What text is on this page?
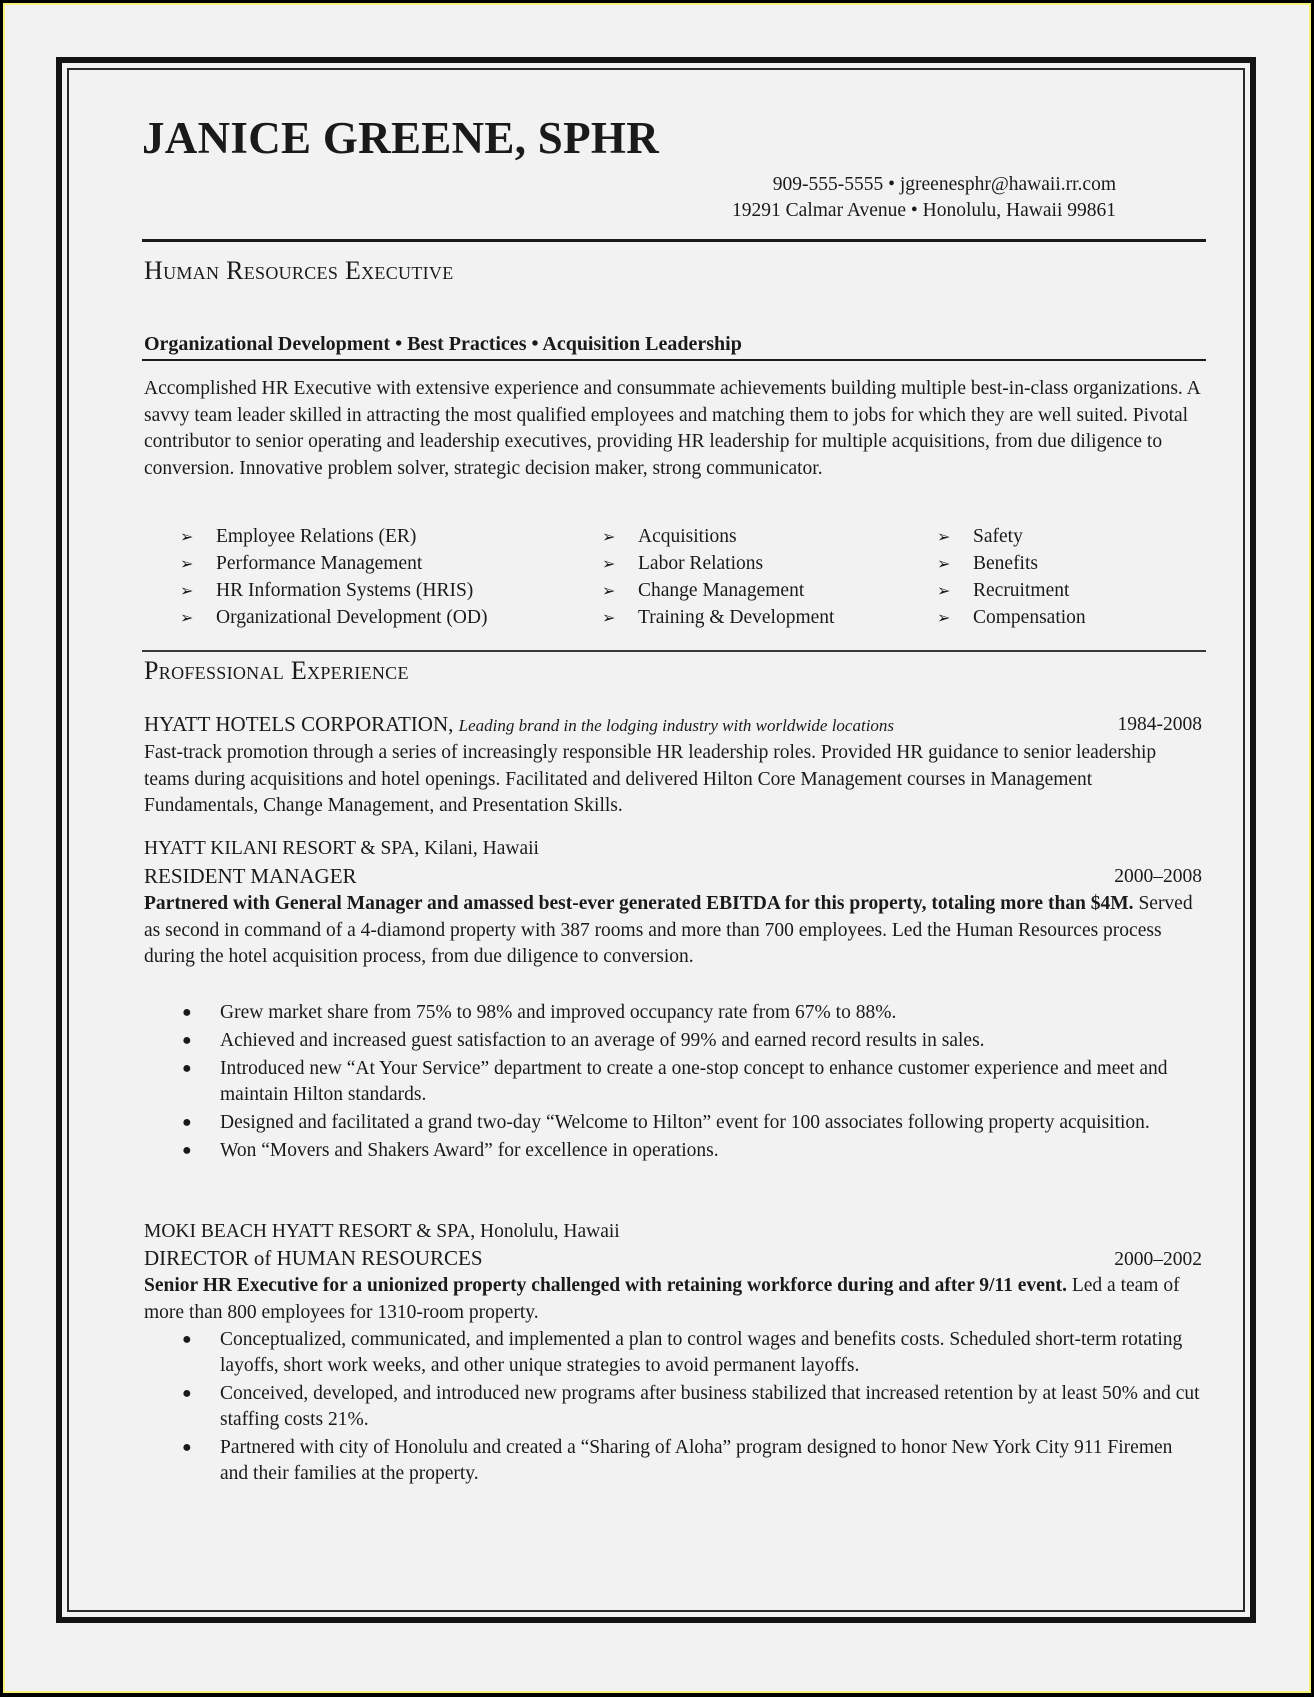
JANICE GREENE, SPHR
909-555-5555 • jgreenesphr@hawaii.rr.com
19291 Calmar Avenue • Honolulu, Hawaii 99861
Human Resources Executive
Organizational Development • Best Practices • Acquisition Leadership
Accomplished HR Executive with extensive experience and consummate achievements building multiple best-in-class organizations. A savvy team leader skilled in attracting the most qualified employees and matching them to jobs for which they are well suited. Pivotal contributor to senior operating and leadership executives, providing HR leadership for multiple acquisitions, from due diligence to conversion. Innovative problem solver, strategic decision maker, strong communicator.
➢ Employee Relations (ER)
➢ Performance Management
➢ HR Information Systems (HRIS)
➢ Organizational Development (OD)
➢ Acquisitions
➢ Labor Relations
➢ Change Management
➢ Training & Development
➢ Safety
➢ Benefits
➢ Recruitment
➢ Compensation
Professional Experience
HYATT HOTELS CORPORATION, Leading brand in the lodging industry with worldwide locations	1984-2008
Fast-track promotion through a series of increasingly responsible HR leadership roles. Provided HR guidance to senior leadership teams during acquisitions and hotel openings. Facilitated and delivered Hilton Core Management courses in Management Fundamentals, Change Management, and Presentation Skills.
HYATT KILANI RESORT & SPA, Kilani, Hawaii
RESIDENT MANAGER	2000–2008
Partnered with General Manager and amassed best-ever generated EBITDA for this property, totaling more than $4M. Served as second in command of a 4-diamond property with 387 rooms and more than 700 employees. Led the Human Resources process during the hotel acquisition process, from due diligence to conversion.
● Grew market share from 75% to 98% and improved occupancy rate from 67% to 88%.
● Achieved and increased guest satisfaction to an average of 99% and earned record results in sales.
● Introduced new “At Your Service” department to create a one-stop concept to enhance customer experience and meet and maintain Hilton standards.
● Designed and facilitated a grand two-day “Welcome to Hilton” event for 100 associates following property acquisition.
● Won “Movers and Shakers Award” for excellence in operations.
MOKI BEACH HYATT RESORT & SPA, Honolulu, Hawaii
DIRECTOR of HUMAN RESOURCES	2000–2002
Senior HR Executive for a unionized property challenged with retaining workforce during and after 9/11 event. Led a team of more than 800 employees for 1310-room property.
● Conceptualized, communicated, and implemented a plan to control wages and benefits costs. Scheduled short-term rotating layoffs, short work weeks, and other unique strategies to avoid permanent layoffs.
● Conceived, developed, and introduced new programs after business stabilized that increased retention by at least 50% and cut staffing costs 21%.
● Partnered with city of Honolulu and created a “Sharing of Aloha” program designed to honor New York City 911 Firemen and their families at the property.
